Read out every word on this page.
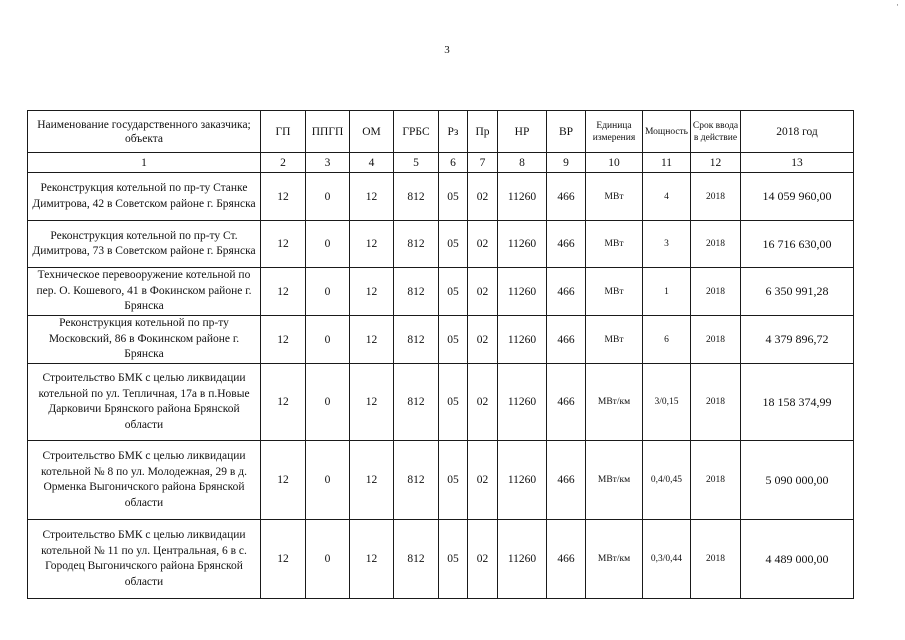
3
·
Наименование государственного заказчика; объекта	ГП	ППГП	ОМ	ГРБС	Рз	Пр	НР	ВР	Единица измерения	Мощность	Срок ввода в действие	2018 год
1	2	3	4	5	6	7	8	9	10	11	12	13
Реконструкция котельной по пр-ту Станке Димитрова, 42 в Советском районе г. Брянска	12	0	12	812	05	02	11260	466	МВт	4	2018	14 059 960,00
Реконструкция котельной по пр-ту Ст. Димитрова, 73 в Советском районе г. Брянска	12	0	12	812	05	02	11260	466	МВт	3	2018	16 716 630,00
Техническое перевооружение котельной по пер. О. Кошевого, 41 в Фокинском районе г. Брянска	12	0	12	812	05	02	11260	466	МВт	1	2018	6 350 991,28
Реконструкция котельной по пр-ту Московский, 86 в Фокинском районе г. Брянска	12	0	12	812	05	02	11260	466	МВт	6	2018	4 379 896,72
Строительство БМК с целью ликвидации котельной по ул. Тепличная, 17а в п.Новые Дарковичи Брянского района Брянской области	12	0	12	812	05	02	11260	466	МВт/км	3/0,15	2018	18 158 374,99
Строительство БМК с целью ликвидации котельной № 8 по ул. Молодежная, 29 в д. Орменка Выгоничского района Брянской области	12	0	12	812	05	02	11260	466	МВт/км	0,4/0,45	2018	5 090 000,00
Строительство БМК с целью ликвидации котельной № 11 по ул. Центральная, 6 в с. Городец Выгоничского района Брянской области	12	0	12	812	05	02	11260	466	МВт/км	0,3/0,44	2018	4 489 000,00
